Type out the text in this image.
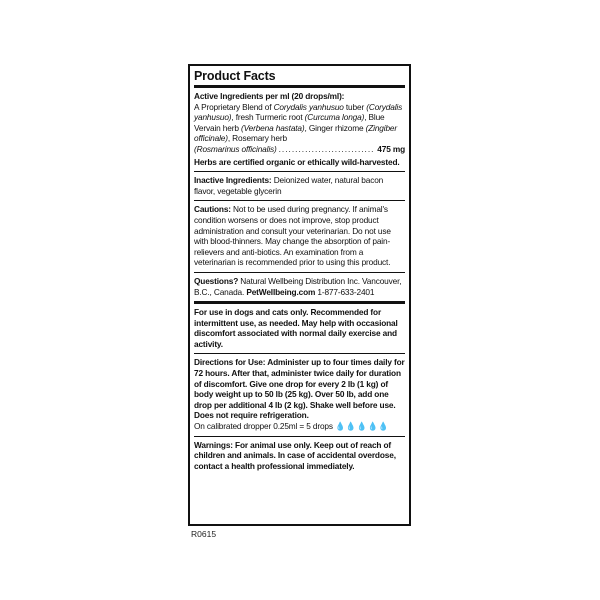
Product Facts
Active Ingredients per ml (20 drops/ml):
A Proprietary Blend of Corydalis yanhusuo tuber (Corydalis yanhusuo), fresh Turmeric root (Curcuma longa), Blue Vervain herb (Verbena hastata), Ginger rhizome (Zingiber officinale), Rosemary herb
(Rosmarinus officinalis)
.....	475 mg
Herbs are certified organic or ethically wild-harvested.
Inactive Ingredients: Deionized water, natural bacon flavor, vegetable glycerin
Cautions: Not to be used during pregnancy. If animal's condition worsens or does not improve, stop product administration and consult your veterinarian. Do not use with blood-thinners. May change the absorption of pain-relievers and anti-biotics. An examination from a veterinarian is recommended prior to using this product.
Questions? Natural Wellbeing Distribution Inc. Vancouver, B.C., Canada. PetWellbeing.com 1-877-633-2401
For use in dogs and cats only. Recommended for intermittent use, as needed. May help with occasional discomfort associated with normal daily exercise and activity.
Directions for Use: Administer up to four times daily for 72 hours. After that, administer twice daily for duration of discomfort. Give one drop for every 2 lb (1 kg) of body weight up to 50 lb (25 kg). Over 50 lb, add one drop per additional 4 lb (2 kg). Shake well before use. Does not require refrigeration.
On calibrated dropper 0.25ml = 5 drops 💧💧💧💧💧
Warnings: For animal use only. Keep out of reach of children and animals. In case of accidental overdose, contact a health professional immediately.
R0615
